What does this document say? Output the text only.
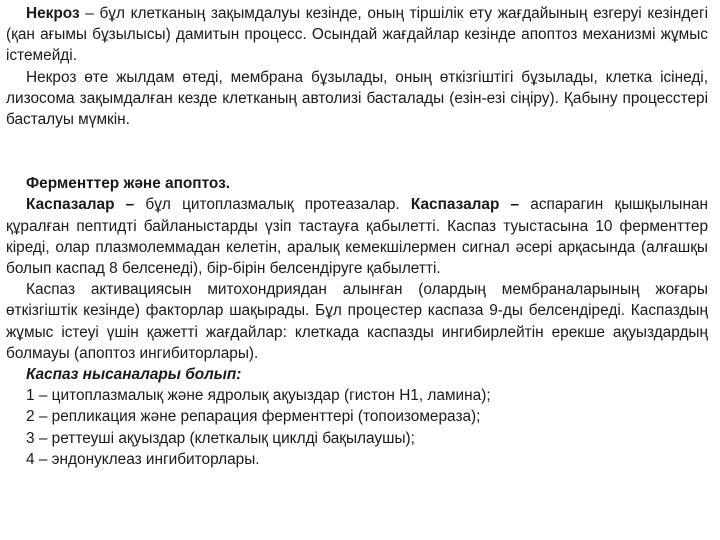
Некроз – бұл клетканың зақымдалуы кезінде, оның тіршілік ету жағдайының езгеруі кезіндегі (қан ағымы бұзылысы) дамитын процесс. Осындай жағдайлар кезінде апоптоз механизмі жұмыс істемейді.

Некроз өте жылдам өтеді, мембрана бұзылады, оның өткізгіштігі бұзылады, клетка ісінеді, лизосома зақымдалған кезде клетканың автолизі басталады (езін-езі сіңіру). Қабыну процесстері басталуы мүмкін.

Ферменттер және апоптоз.

Каспазалар – бұл цитоплазмалық протеазалар. Каспазалар – аспарагин қышқылынан құралған пептидті байланыстарды үзіп тастауға қабылетті. Каспаз туыстасына 10 ферменттер кіреді, олар плазмолеммадан келетін, аралық кемекшілермен сигнал әсері арқасында (алғашқы болып каспад 8 белсенеді), бір-бірін белсендіруге қабылетті.

Каспаз активациясын митохондриядан алынған (олардың мембраналарының жоғары өткізгіштік кезінде) факторлар шақырады. Бұл процестер каспаза 9-ды белсендіреді. Каспаздың жұмыс істеуі үшін қажетті жағдайлар: клеткада каспазды ингибирлейтін ерекше ақуыздардың болмауы (апоптоз ингибиторлары).

Каспаз нысаналары болып:

1 – цитоплазмалық және ядролық ақуыздар (гистон Н1, ламина);

2 – репликация және репарация ферменттері (топоизомераза);

3 – реттеуші ақуыздар (клеткалық циклді бақылаушы);

4 – эндонуклеаз ингибиторлары.
